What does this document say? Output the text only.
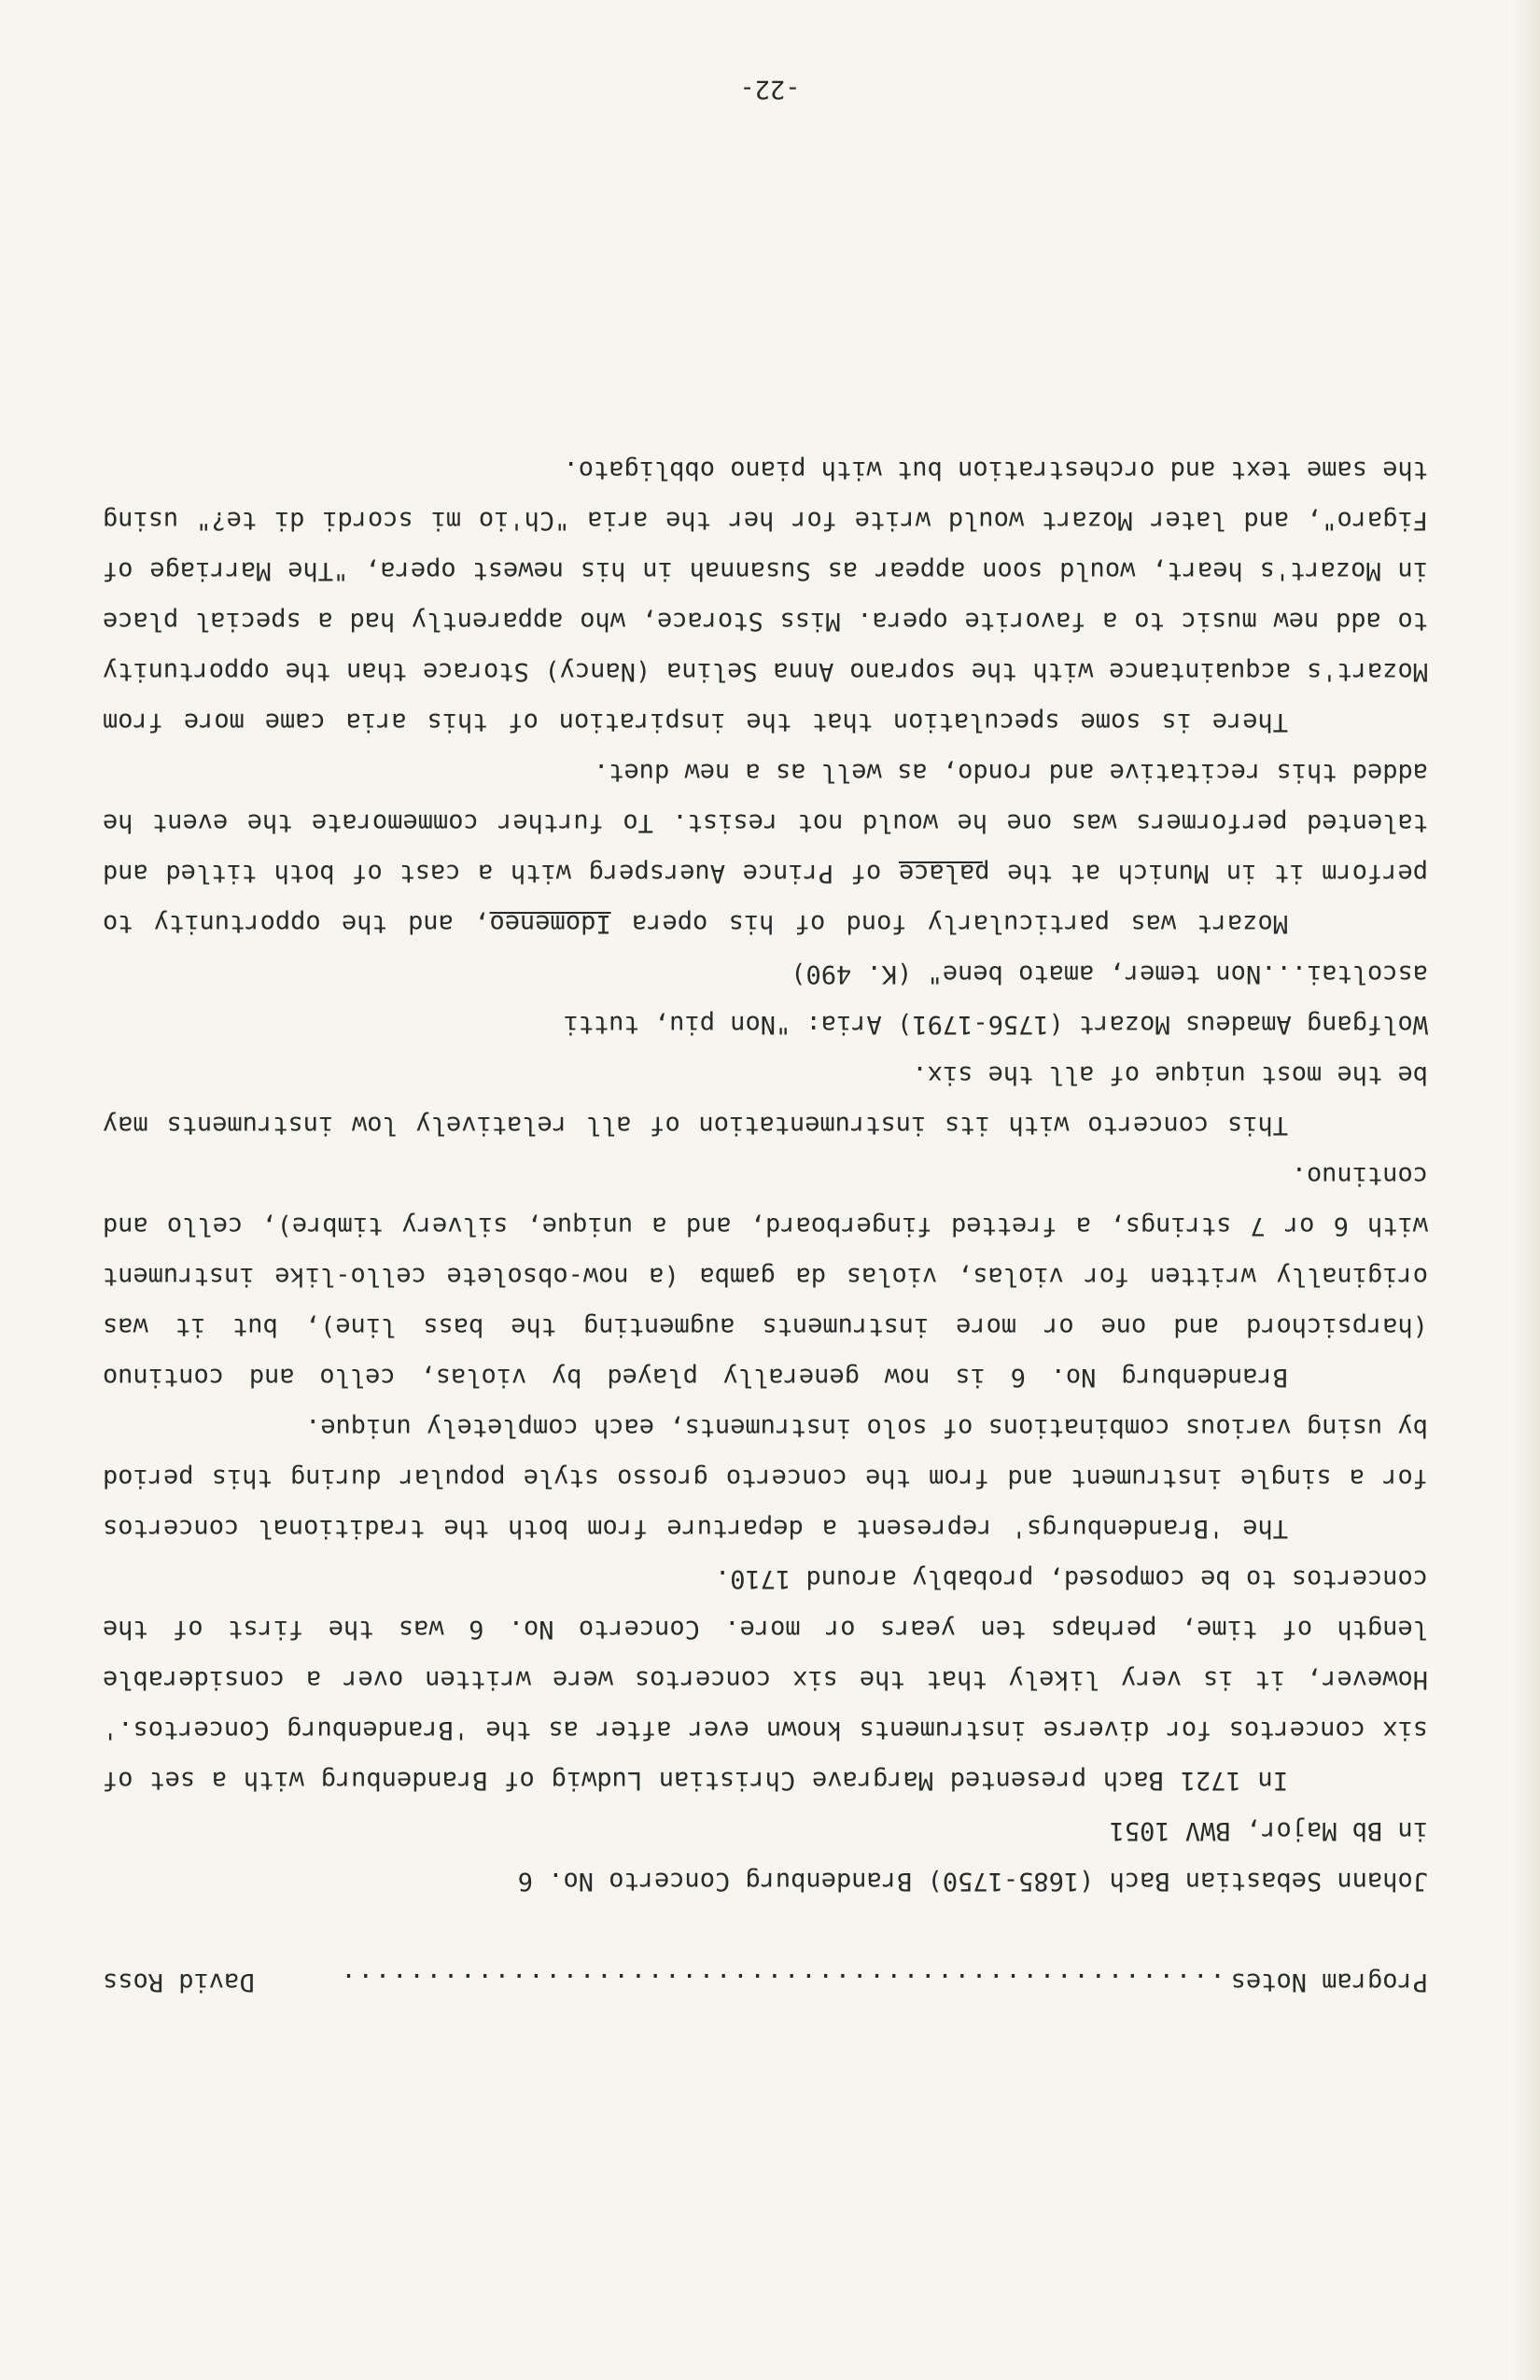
-22-

Program Notes
....................................................
David Ross

Johann Sebastian Bach (1685-1750) Brandenburg Concerto No. 6

in Bb Major, BWV 1051

In 1721 Bach presented Margrave Christian Ludwig of Brandenburg with a set of six concertos for diverse instruments known ever after as the 'Brandenburg Concertos.' However, it is very likely that the six concertos were written over a considerable length of time, perhaps ten years or more. Concerto No. 6 was the first of the concertos to be composed, probably around 1710.

The 'Brandenburgs' represent a departure from both the traditional concertos for a single instrument and from the concerto grosso style popular during this period by using various combinations of solo instruments, each completely unique.

Brandenburg No. 6 is now generally played by violas, cello and continuo (harpsichord and one or more instruments augmenting the bass line), but it was originally written for violas, violas da gamba (a now-obsolete cello-like instrument with 6 or 7 strings, a fretted fingerboard, and a unique, silvery timbre), cello and continuo.

This concerto with its instrumentation of all relatively low instruments may be the most unique of all the six.

Wolfgang Amadeus Mozart (1756-1791) Aria: "Non piu, tutti

ascoltai...Non temer, amato bene" (K. 490)

Mozart was particularly fond of his opera Idomeneo, and the opportunity to perform it in Munich at the palace of Prince Auersperg with a cast of both titled and talented performers was one he would not resist. To further commemorate the event he added this recitative and rondo, as well as a new duet.

There is some speculation that the inspiration of this aria came more from Mozart's acquaintance with the soprano Anna Selina (Nancy) Storace than the opportunity to add new music to a favorite opera. Miss Storace, who apparently had a special place in Mozart's heart, would soon appear as Susannah in his newest opera, "The Marriage of Figaro", and later Mozart would write for her the aria "Ch'io mi scordi di te?" using the same text and orchestration but with piano obbligato.
